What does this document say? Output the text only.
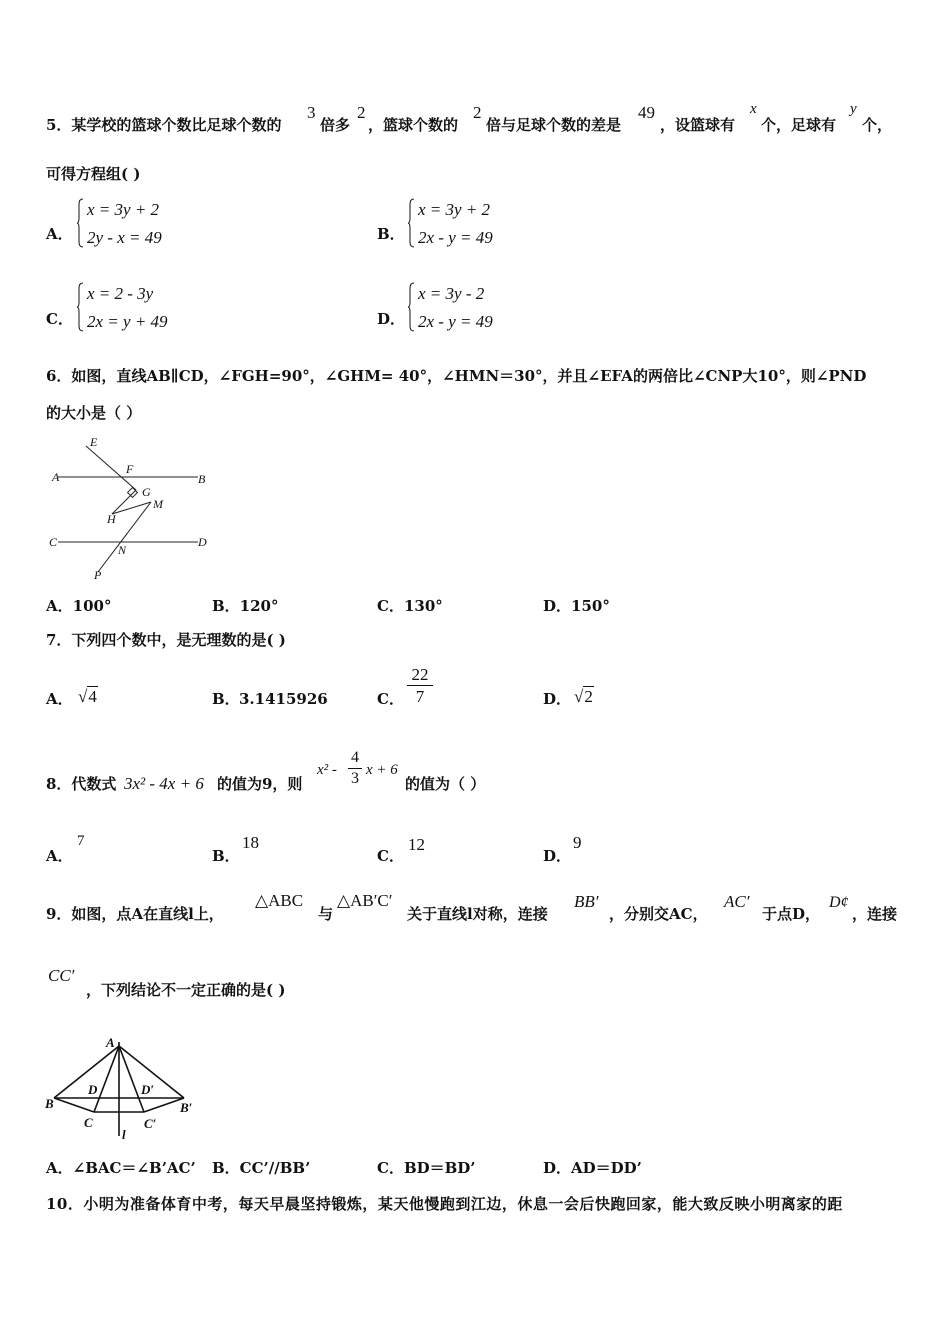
5．某学校的篮球个数比足球个数的
3
倍多
2
，篮球个数的
2
倍与足球个数的差是
49
，设篮球有
x
个，足球有
y
个，
可得方程组( )
A．
x = 3y + 2
2y - x = 49	B．
x = 3y + 2
2x - y = 49
C．
x = 2 - 3y
2x = y + 49	D．
x = 3y - 2
2x - y = 49
6．如图，直线AB∥CD，∠FGH=90°，∠GHM= 40°，∠HMN＝30°，并且∠EFA的两倍比∠CNP大10°，则∠PND
的大小是（ ）
E
A
F
B
G
M
H
C
N
D
P
A．100°	B．120°	C．130°	D．150°
7．下列四个数中，是无理数的是( )
A． √4	B． 3.1415926	C．
22
7	D． √2
8．代数式 3x² - 4x + 6 的值为9，则
x² -
4
3 x + 6
的值为（ ）
A．
7
B．
18
C．
12
D．
9
9．如图，点A在直线l上，
△ABC
与
△AB′C′
关于直线l对称，连接
BB′
，分别交AC，
AC′
于点D，
D¢
，连接
CC′
，下列结论不一定正确的是( )
A
B
D	D′
B′
C	C′
l
A．∠BAC＝∠B’AC’ B．CC’//BB’	C．BD＝BD’	D．AD＝DD’
10．小明为准备体育中考，每天早晨坚持锻炼，某天他慢跑到江边，休息一会后快跑回家，能大致反映小明离家的距
